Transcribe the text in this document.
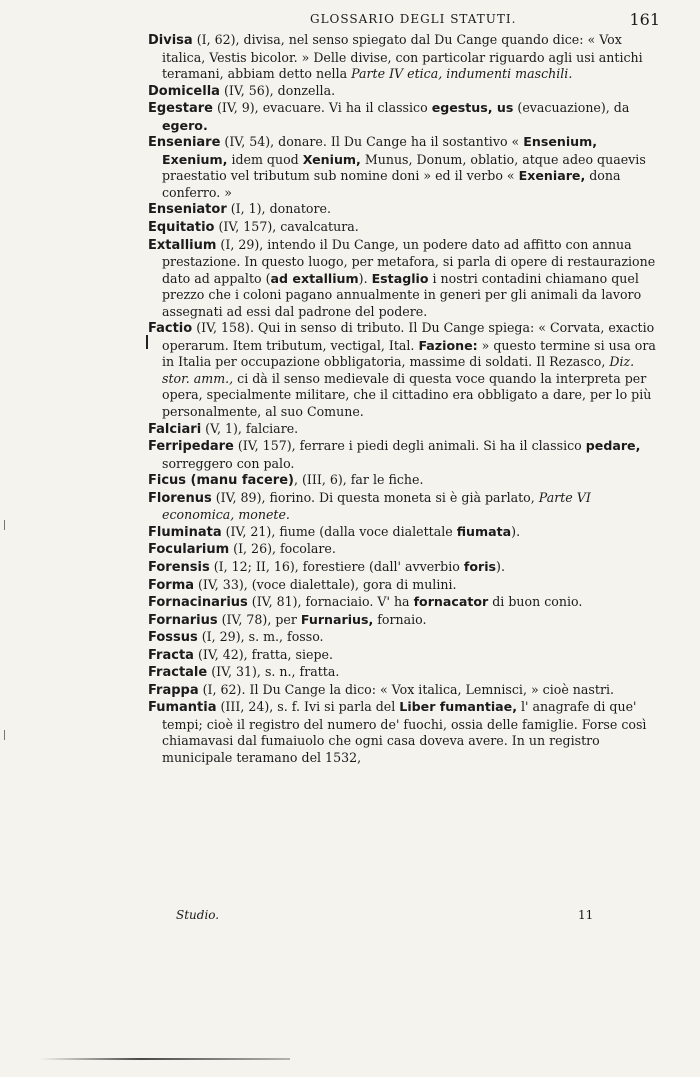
GLOSSARIO DEGLI STATUTI.	161

Divisa (I, 62), divisa, nel senso spiegato dal Du Cange quando dice: « Vox italica, Vestis bicolor. » Delle divise, con particolar riguardo agli usi antichi teramani, abbiam detto nella Parte IV etica, indumenti maschili.

Domicella (IV, 56), donzella.

Egestare (IV, 9), evacuare. Vi ha il classico egestus, us (evacuazione), da egero.

Enseniare (IV, 54), donare. Il Du Cange ha il sostantivo « Ensenium, Exenium, idem quod Xenium, Munus, Donum, oblatio, atque adeo quaevis praestatio vel tributum sub nomine doni » ed il verbo « Exeniare, dona conferro. »

Enseniator (I, 1), donatore.

Equitatio (IV, 157), cavalcatura.

Extallium (I, 29), intendo il Du Cange, un podere dato ad affitto con annua prestazione. In questo luogo, per metafora, si parla di opere di restaurazione dato ad appalto (ad extallium). Estaglio i nostri contadini chiamano quel prezzo che i coloni pagano annualmente in generi per gli animali da lavoro assegnati ad essi dal padrone del podere.

Factio (IV, 158). Qui in senso di tributo. Il Du Cange spiega: « Corvata, exactio operarum. Item tributum, vectigal, Ital. Fazione: » questo termine si usa ora in Italia per occupazione obbligatoria, massime di soldati. Il Rezasco, Diz. stor. amm., ci dà il senso medievale di questa voce quando la interpreta per opera, specialmente militare, che il cittadino era obbligato a dare, per lo più personalmente, al suo Comune.

Falciari (V, 1), falciare.

Ferripedare (IV, 157), ferrare i piedi degli animali. Si ha il classico pedare, sorreggero con palo.

Ficus (manu facere), (III, 6), far le fiche.

Florenus (IV, 89), fiorino. Di questa moneta si è già parlato, Parte VI economica, monete.

Fluminata (IV, 21), fiume (dalla voce dialettale fiumata).

Focularium (I, 26), focolare.

Forensis (I, 12; II, 16), forestiere (dall' avverbio foris).

Forma (IV, 33), (voce dialettale), gora di mulini.

Fornacinarius (IV, 81), fornaciaio. V' ha fornacator di buon conio.

Fornarius (IV, 78), per Furnarius, fornaio.

Fossus (I, 29), s. m., fosso.

Fracta (IV, 42), fratta, siepe.

Fractale (IV, 31), s. n., fratta.

Frappa (I, 62). Il Du Cange la dico: « Vox italica, Lemnisci, » cioè nastri.

Fumantia (III, 24), s. f. Ivi si parla del Liber fumantiae, l' anagrafe di que' tempi; cioè il registro del numero de' fuochi, ossia delle famiglie. Forse così chiamavasi dal fumaiuolo che ogni casa doveva avere. In un registro municipale teramano del 1532,

Studio.	11
